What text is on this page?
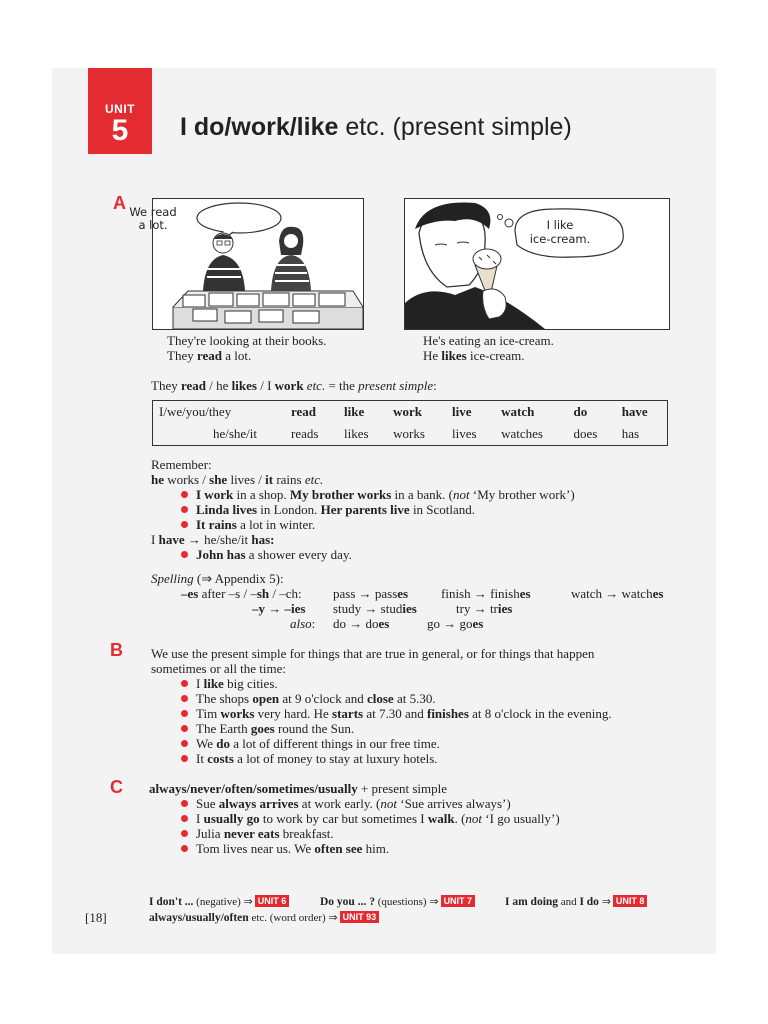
UNIT
5	I do/work/like etc. (present simple)
A We read
a lot.	I like
ice-cream.
They're looking at their books.
They read a lot.
He's eating an ice-cream.
He likes ice-cream.
They read / he likes / I work etc. = the present simple:
I/we/you/they	read	like	work	live	watch	do	have
he/she/it	reads	likes	works	lives	watches	does	has
Remember:
he works / she lives / it rains etc.
I work in a shop. My brother works in a bank. (not ‘My brother work’)
Linda lives in London. Her parents live in Scotland.
It rains a lot in winter.
I have → he/she/it has:
John has a shower every day.
Spelling (⇒ Appendix 5):
–es after –s / –sh / –ch: pass → passes	finish → finishes	watch → watches
–y → –ies study → studies	try → tries
also: do → does	go → goes
B We use the present simple for things that are true in general, or for things that happen
sometimes or all the time:
I like big cities.
The shops open at 9 o'clock and close at 5.30.
Tim works very hard. He starts at 7.30 and finishes at 8 o'clock in the evening.
The Earth goes round the Sun.
We do a lot of different things in our free time.
It costs a lot of money to stay at luxury hotels.
C always/never/often/sometimes/usually + present simple
Sue always arrives at work early. (not ‘Sue arrives always’)
I usually go to work by car but sometimes I walk. (not ‘I go usually’)
Julia never eats breakfast.
Tom lives near us. We often see him.
[18]
I don't ... (negative) ⇒ UNIT 6	Do you ... ? (questions) ⇒ UNIT 7	I am doing and I do ⇒ UNIT 8
always/usually/often etc. (word order) ⇒ UNIT 93
